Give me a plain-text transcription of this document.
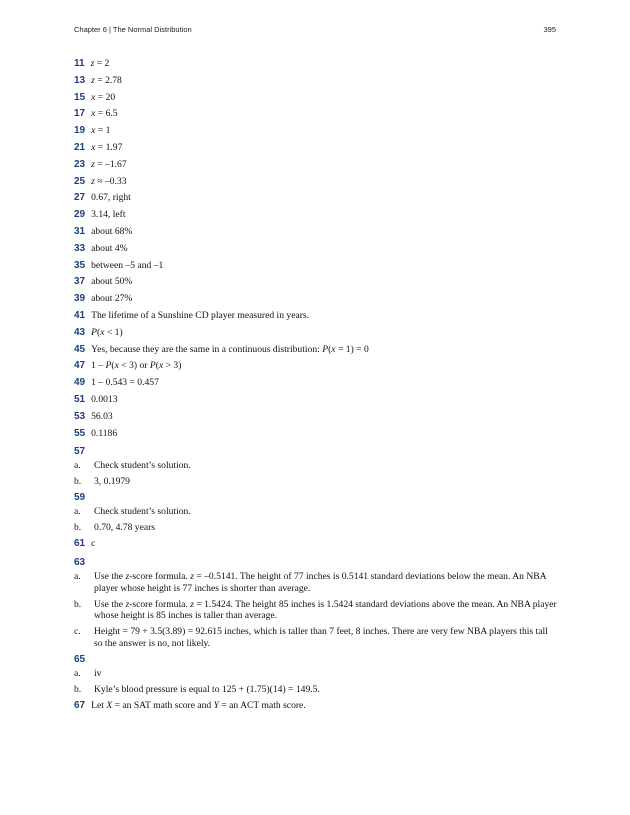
Chapter 6 | The Normal Distribution	395
11 z = 2
13 z = 2.78
15 x = 20
17 x = 6.5
19 x = 1
21 x = 1.97
23 z = –1.67
25 z ≈ –0.33
27 0.67, right
29 3.14, left
31 about 68%
33 about 4%
35 between –5 and –1
37 about 50%
39 about 27%
41 The lifetime of a Sunshine CD player measured in years.
43 P(x < 1)
45 Yes, because they are the same in a continuous distribution: P(x = 1) = 0
47 1 – P(x < 3) or P(x > 3)
49 1 – 0.543 = 0.457
51 0.0013
53 56.03
55 0.1186
57
a.	Check student’s solution.
b.	3, 0.1979
59
a.	Check student’s solution.
b.	0.70, 4.78 years
61 c
63
a.	Use the z-score formula. z = –0.5141. The height of 77 inches is 0.5141 standard deviations below the mean. An NBA player whose height is 77 inches is shorter than average.
b.	Use the z-score formula. z = 1.5424. The height 85 inches is 1.5424 standard deviations above the mean. An NBA player whose height is 85 inches is taller than average.
c.	Height = 79 + 3.5(3.89) = 92.615 inches, which is taller than 7 feet, 8 inches. There are very few NBA players this tall so the answer is no, not likely.
65
a.	iv
b.	Kyle’s blood pressure is equal to 125 + (1.75)(14) = 149.5.
67 Let X = an SAT math score and Y = an ACT math score.
